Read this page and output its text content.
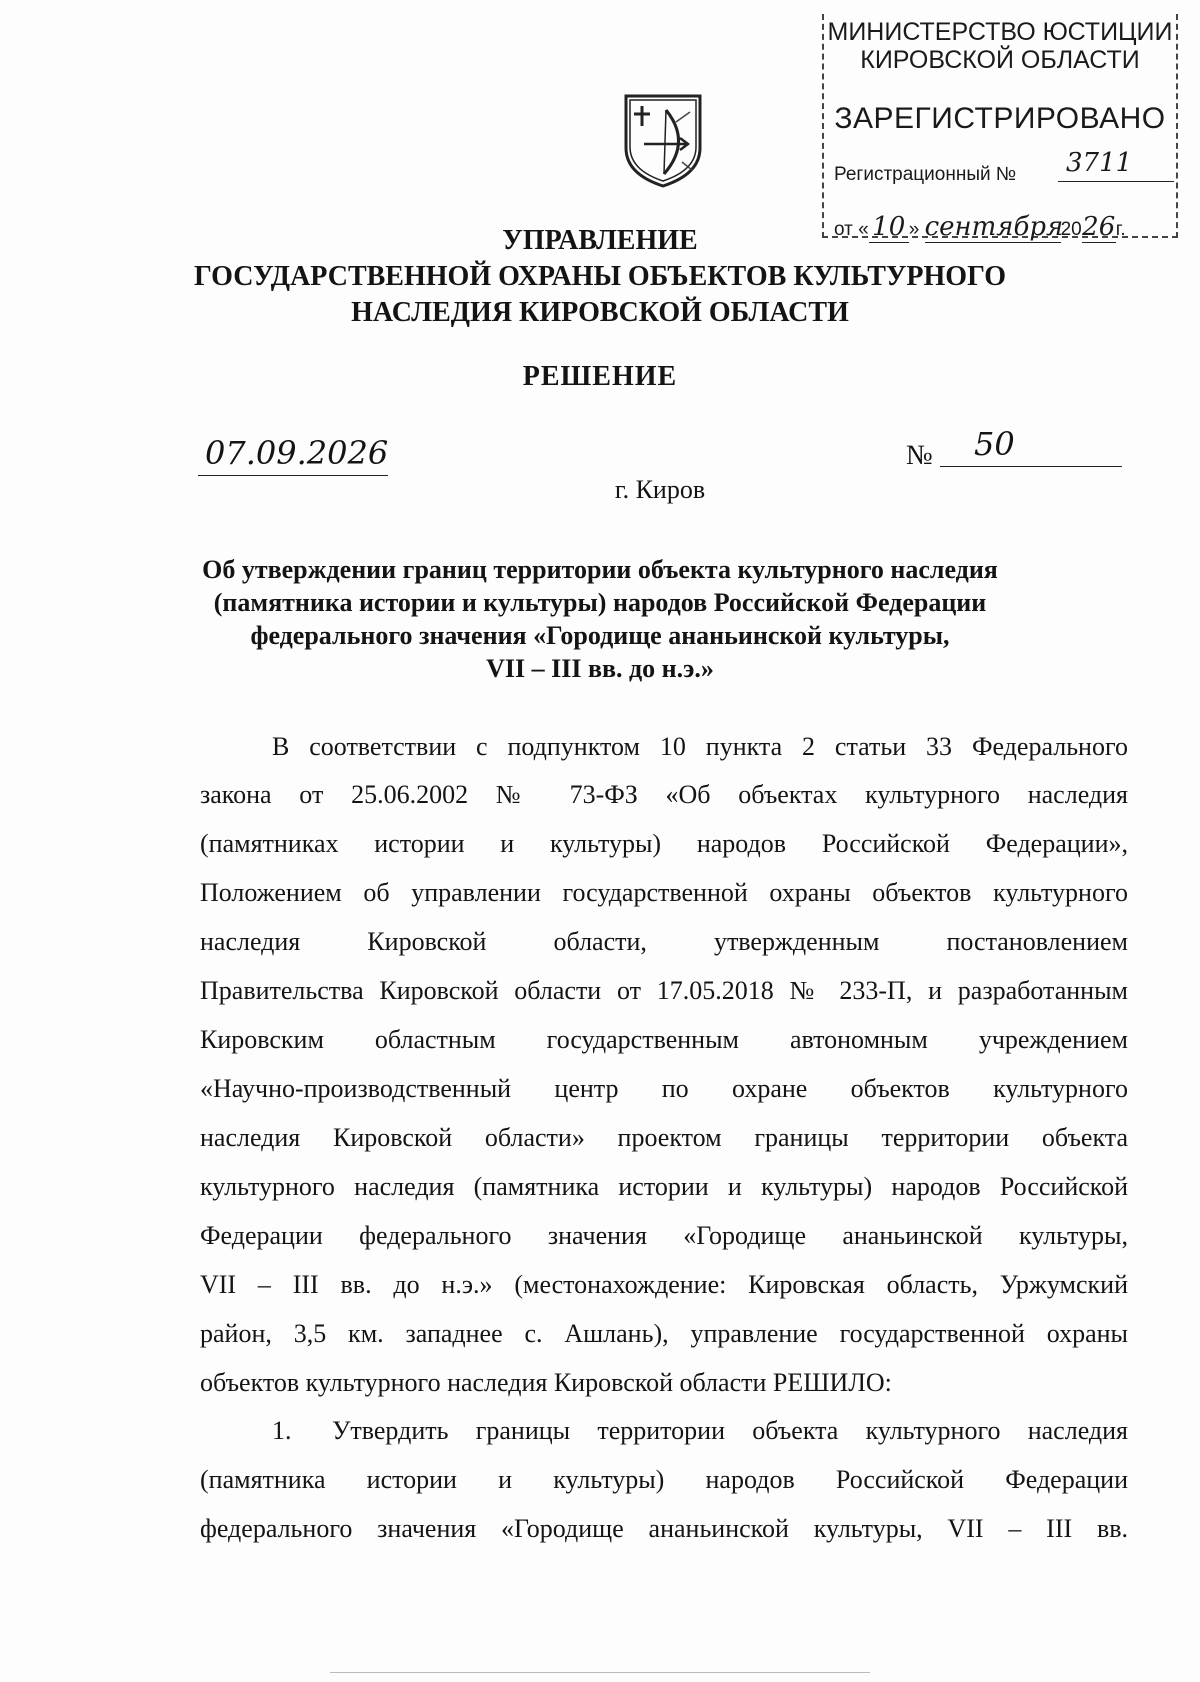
МИНИСТЕРСТВО ЮСТИЦИИ
КИРОВСКОЙ ОБЛАСТИ
ЗАРЕГИСТРИРОВАНО
Регистрационный №	3711
от « 10 » сентября2026г.
УПРАВЛЕНИЕ
ГОСУДАРСТВЕННОЙ ОХРАНЫ ОБЪЕКТОВ КУЛЬТУРНОГО
НАСЛЕДИЯ КИРОВСКОЙ ОБЛАСТИ
РЕШЕНИЕ
07.09.2026	№	50
г. Киров
Об утверждении границ территории объекта культурного наследия
(памятника истории и культуры) народов Российской Федерации
федерального значения «Городище ананьинской культуры,
VII – III вв. до н.э.»
В соответствии с подпунктом 10 пункта 2 статьи 33 Федерального
закона от 25.06.2002 № 73-ФЗ «Об объектах культурного наследия
(памятниках истории и культуры) народов Российской Федерации»,
Положением об управлении государственной охраны объектов культурного
наследия Кировской области, утвержденным постановлением
Правительства Кировской области от 17.05.2018 № 233-П, и разработанным
Кировским областным государственным автономным учреждением
«Научно-производственный центр по охране объектов культурного
наследия Кировской области» проектом границы территории объекта
культурного наследия (памятника истории и культуры) народов Российской
Федерации федерального значения «Городище ананьинской культуры,
VII – III вв. до н.э.» (местонахождение: Кировская область, Уржумский
район, 3,5 км. западнее с. Ашлань), управление государственной охраны
объектов культурного наследия Кировской области РЕШИЛО:
1. Утвердить границы территории объекта культурного наследия
(памятника истории и культуры) народов Российской Федерации
федерального значения «Городище ананьинской культуры, VII – III вв.
